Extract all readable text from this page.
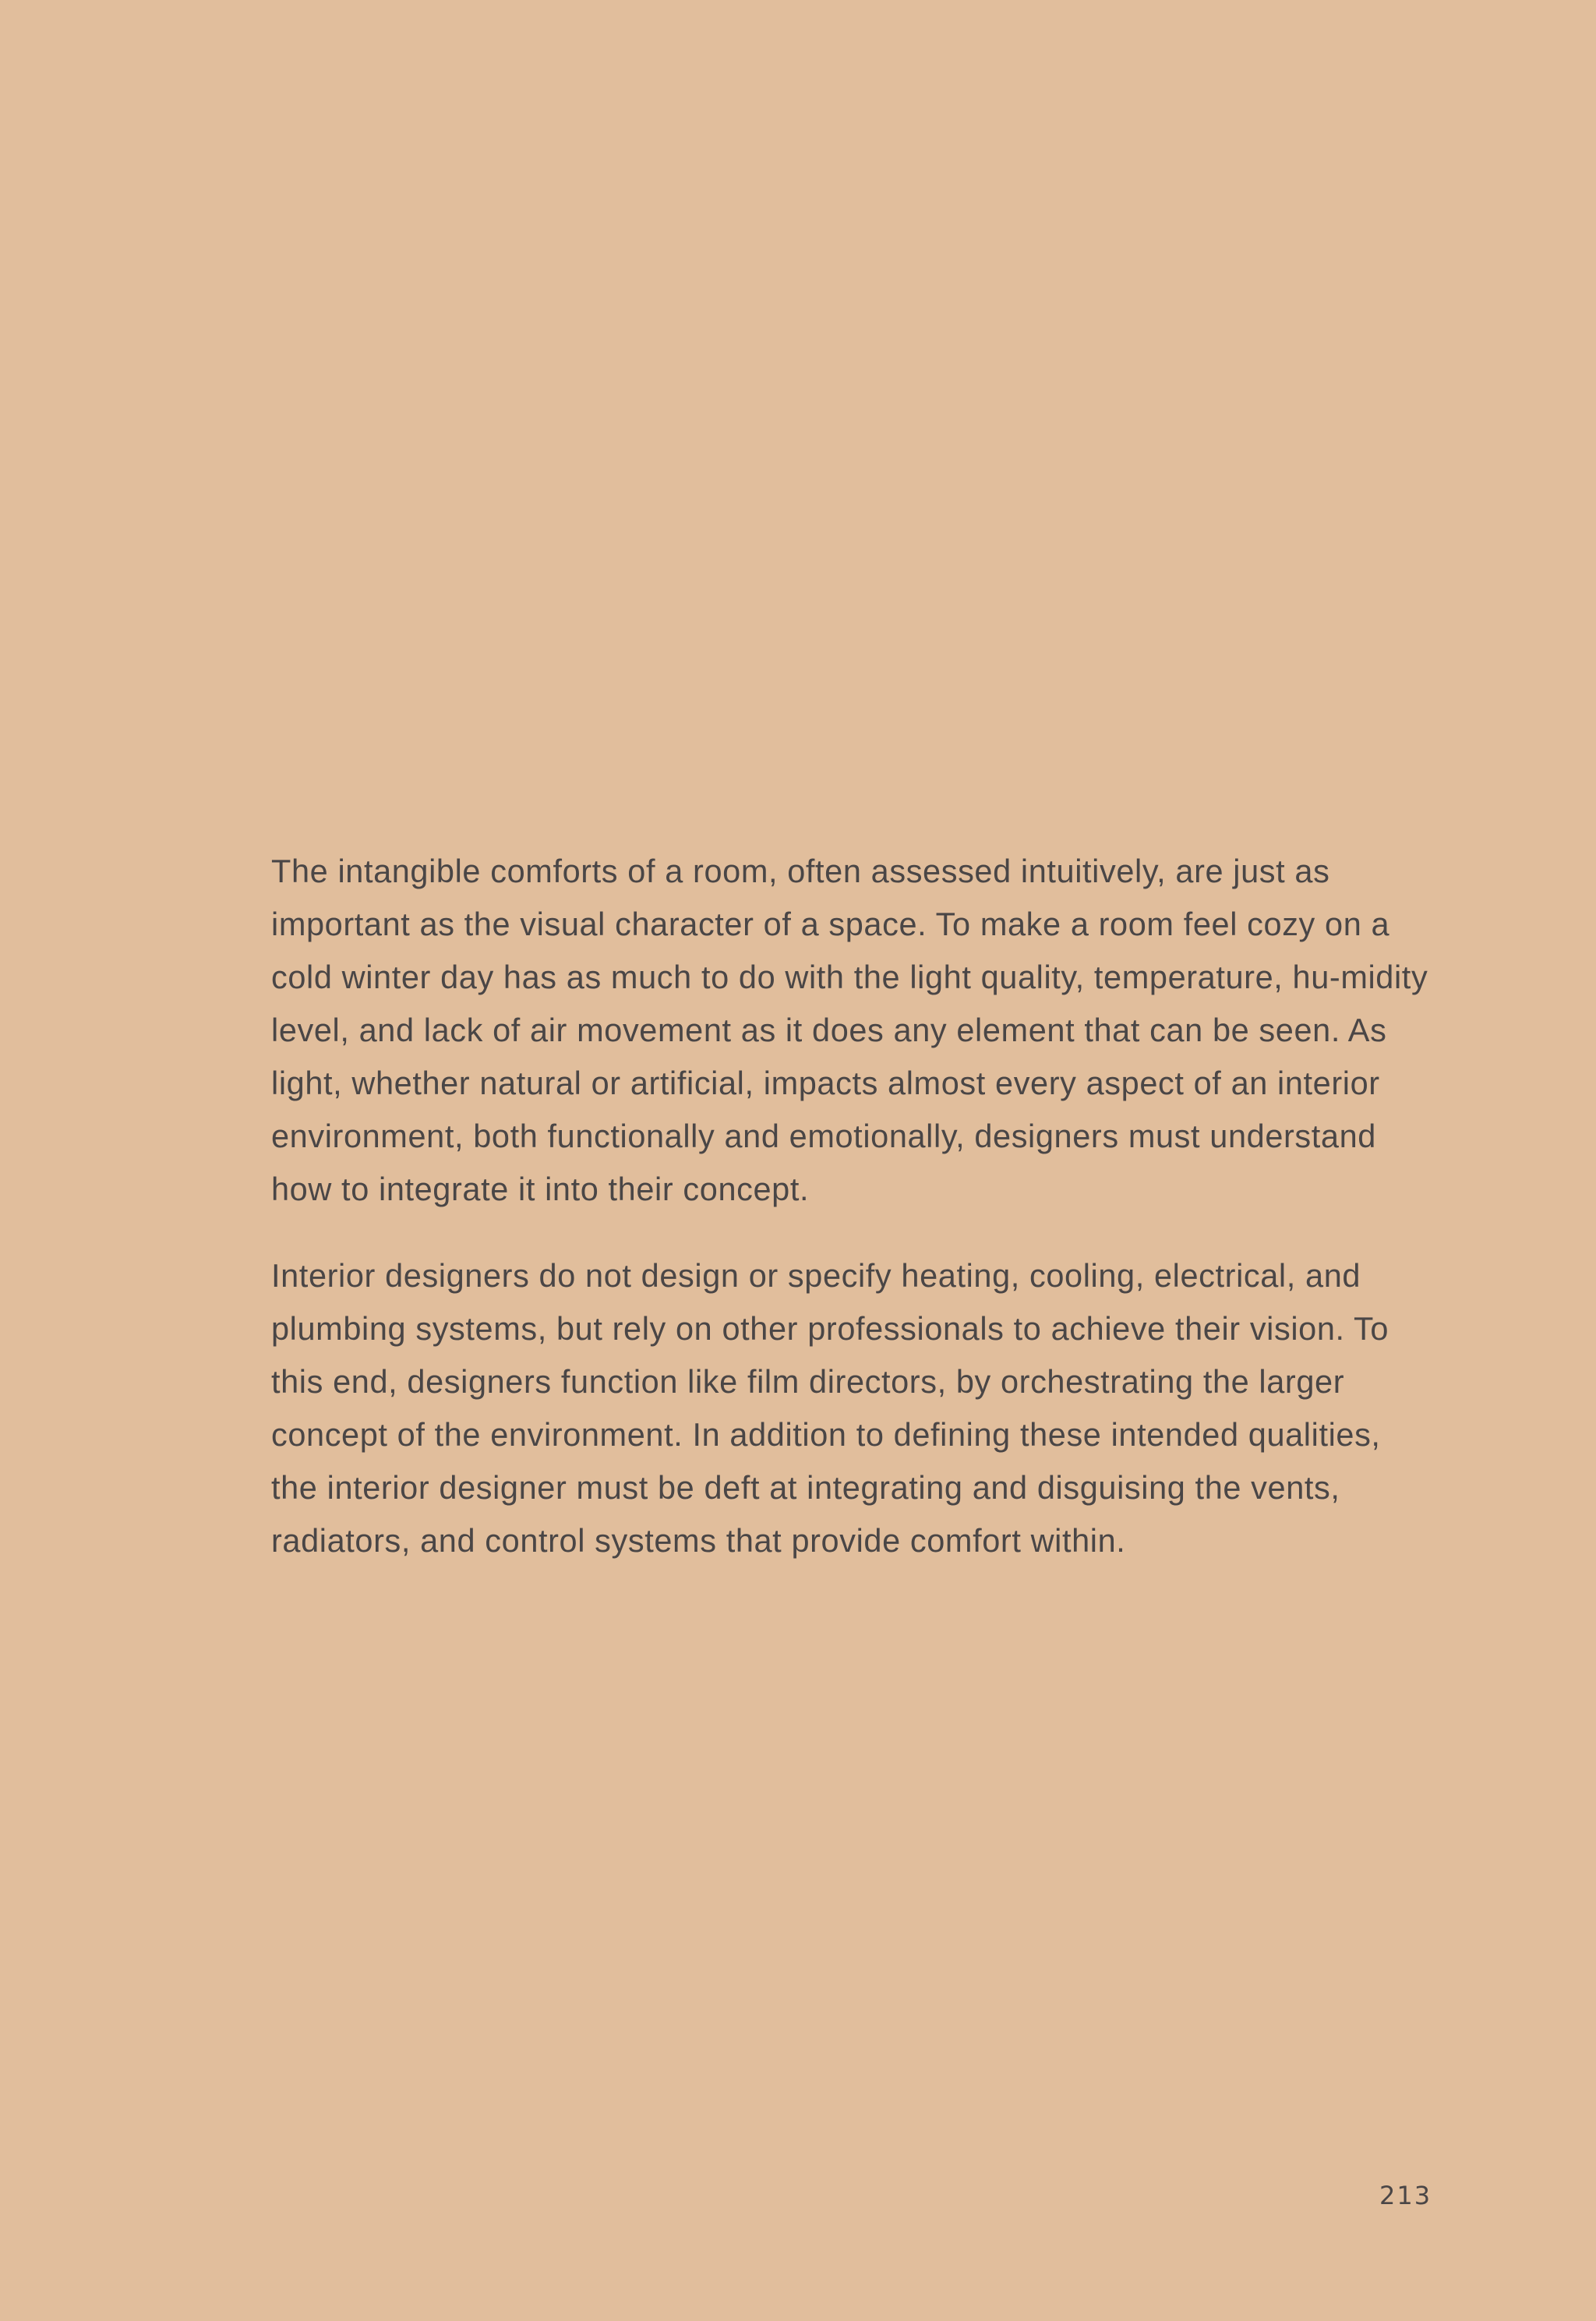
The intangible comforts of a room, often assessed intuitively, are just as important as the visual character of a space. To make a room feel cozy on a cold winter day has as much to do with the light quality, temperature, hu-midity level, and lack of air movement as it does any element that can be seen. As light, whether natural or artificial, impacts almost every aspect of an interior environment, both functionally and emotionally, designers must understand how to integrate it into their concept.

Interior designers do not design or specify heating, cooling, electrical, and plumbing systems, but rely on other professionals to achieve their vision. To this end, designers function like film directors, by orchestrating the larger concept of the environment. In addition to defining these intended qualities, the interior designer must be deft at integrating and disguising the vents, radiators, and control systems that provide comfort within.

213
